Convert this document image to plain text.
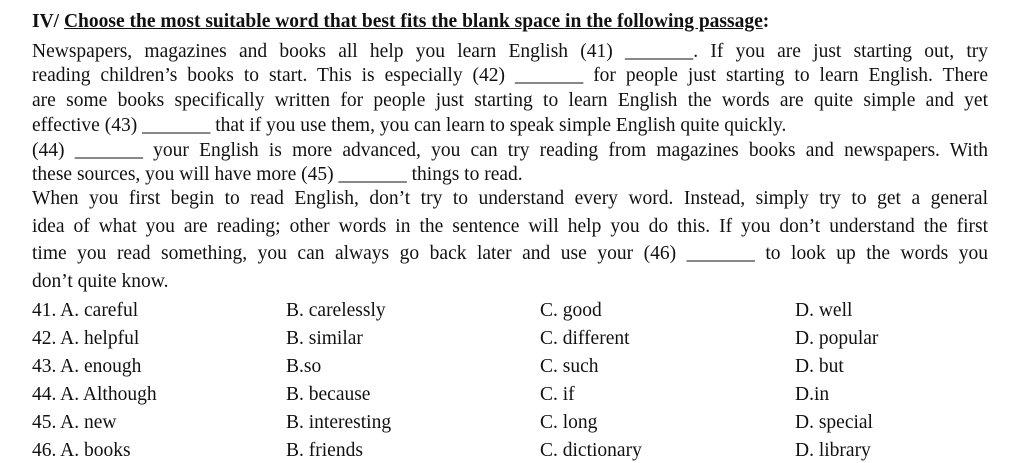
IV/ Choose the most suitable word that best fits the blank space in the following passage:
Newspapers, magazines and books all help you learn English (41) _______. If you are just starting out, try
reading children’s books to start. This is especially (42) _______ for people just starting to learn English. There
are some books specifically written for people just starting to learn English the words are quite simple and yet
effective (43) _______ that if you use them, you can learn to speak simple English quite quickly.
(44) _______ your English is more advanced, you can try reading from magazines books and newspapers. With
these sources, you will have more (45) _______ things to read.
When you first begin to read English, don’t try to understand every word. Instead, simply try to get a general
idea of what you are reading; other words in the sentence will help you do this. If you don’t understand the first
time you read something, you can always go back later and use your (46) _______ to look up the words you
don’t quite know.
41. A. careful	B. carelessly	C. good	D. well
42. A. helpful	B. similar	C. different	D. popular
43. A. enough	B.so	C. such	D. but
44. A. Although	B. because	C. if	D.in
45. A. new	B. interesting	C. long	D. special
46. A. books	B. friends	C. dictionary	D. library
